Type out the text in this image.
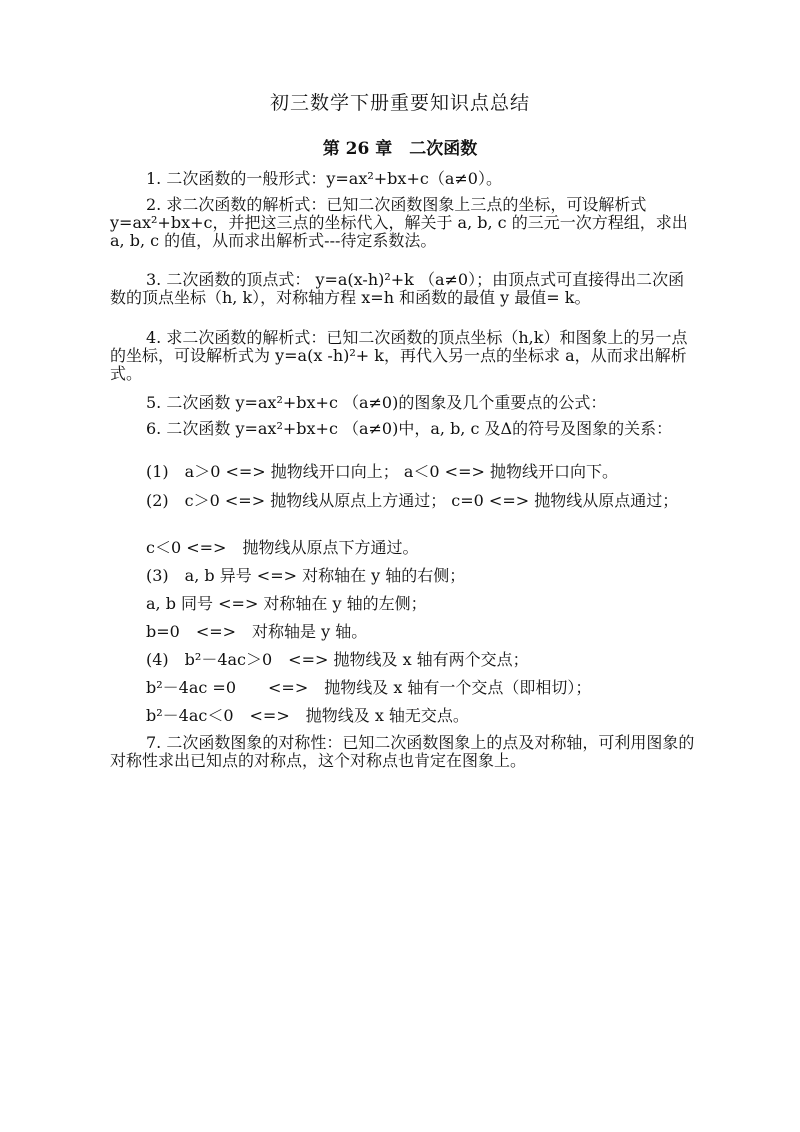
初三数学下册重要知识点总结
第 26 章　二次函数

1. 二次函数的一般形式：y=ax²+bx+c（a≠0）。

2. 求二次函数的解析式：已知二次函数图象上三点的坐标，可设解析式 y=ax²+bx+c，并把这三点的坐标代入，解关于 a, b, c 的三元一次方程组，求出 a, b, c 的值，从而求出解析式---待定系数法。

3. 二次函数的顶点式： y=a(x-h)²+k （a≠0）；由顶点式可直接得出二次函数的顶点坐标（h, k），对称轴方程 x=h 和函数的最值 y 最值= k。

4. 求二次函数的解析式：已知二次函数的顶点坐标（h,k）和图象上的另一点的坐标，可设解析式为 y=a(x -h)²+ k，再代入另一点的坐标求 a，从而求出解析式。

5. 二次函数 y=ax²+bx+c （a≠0)的图象及几个重要点的公式：

6. 二次函数 y=ax²+bx+c （a≠0)中，a, b, c 及Δ的符号及图象的关系：

(1)　a＞0 <=> 抛物线开口向上； a＜0 <=> 抛物线开口向下。

(2)　c＞0 <=> 抛物线从原点上方通过； c=0 <=> 抛物线从原点通过；

c＜0 <=>　抛物线从原点下方通过。

(3)　a, b 异号 <=> 对称轴在 y 轴的右侧；

a, b 同号 <=> 对称轴在 y 轴的左侧；

b=0　<=>　对称轴是 y 轴。

(4)　b²－4ac＞0　<=> 抛物线及 x 轴有两个交点；

b²－4ac =0　　<=>　抛物线及 x 轴有一个交点（即相切）；

b²－4ac＜0　<=>　抛物线及 x 轴无交点。

7. 二次函数图象的对称性：已知二次函数图象上的点及对称轴，可利用图象的对称性求出已知点的对称点，这个对称点也肯定在图象上。
